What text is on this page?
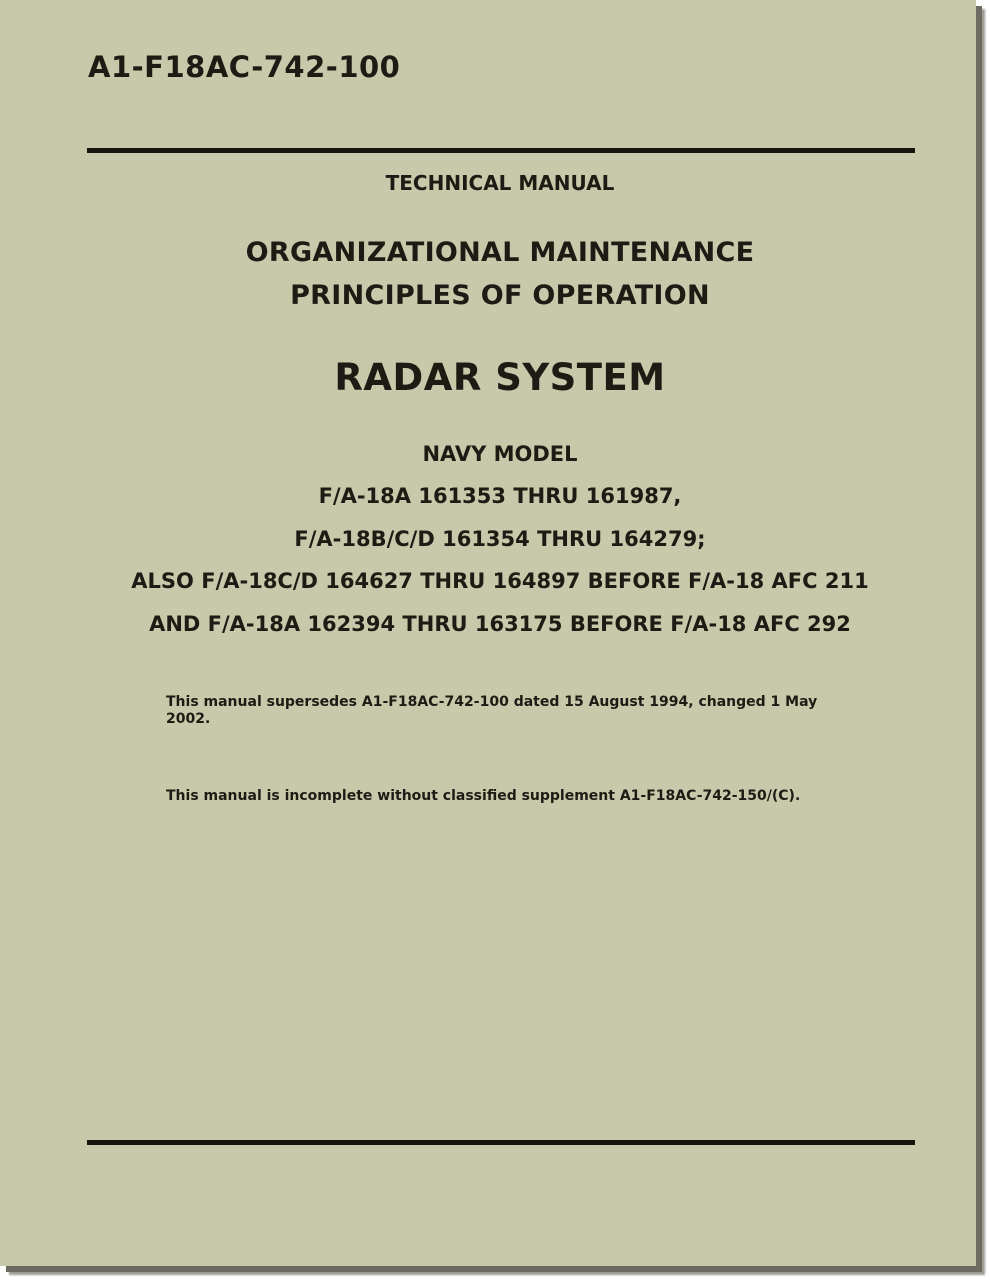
A1-F18AC-742-100
TECHNICAL MANUAL
ORGANIZATIONAL MAINTENANCE
PRINCIPLES OF OPERATION
RADAR SYSTEM
NAVY MODEL
F/A-18A 161353 THRU 161987,
F/A-18B/C/D 161354 THRU 164279;
ALSO F/A-18C/D 164627 THRU 164897 BEFORE F/A-18 AFC 211
AND F/A-18A 162394 THRU 163175 BEFORE F/A-18 AFC 292
This manual supersedes A1-F18AC-742-100 dated 15 August 1994, changed 1 May 2002.
This manual is incomplete without classified supplement A1-F18AC-742-150/(C).
